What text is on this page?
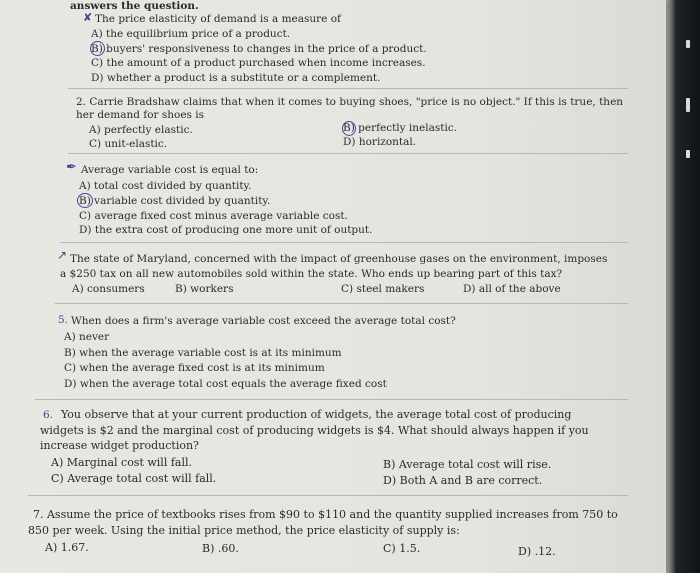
answers the question.
✘ The price elasticity of demand is a measure of
A) the equilibrium price of a product.
B) buyers' responsiveness to changes in the price of a product.
C) the amount of a product purchased when income increases.
D) whether a product is a substitute or a complement.
2. Carrie Bradshaw claims that when it comes to buying shoes, "price is no object." If this is true, then
her demand for shoes is
A) perfectly elastic.	B) perfectly inelastic.
C) unit-elastic.	D) horizontal.
✒ Average variable cost is equal to:
A) total cost divided by quantity.
B) variable cost divided by quantity.
C) average fixed cost minus average variable cost.
D) the extra cost of producing one more unit of output.
↗ The state of Maryland, concerned with the impact of greenhouse gases on the environment, imposes
a $250 tax on all new automobiles sold within the state. Who ends up bearing part of this tax?
A) consumers	B) workers	C) steel makers	D) all of the above
5. When does a firm's average variable cost exceed the average total cost?
A) never
B) when the average variable cost is at its minimum
C) when the average fixed cost is at its minimum
D) when the average total cost equals the average fixed cost
6. You observe that at your current production of widgets, the average total cost of producing
widgets is $2 and the marginal cost of producing widgets is $4. What should always happen if you
increase widget production?
A) Marginal cost will fall.	B) Average total cost will rise.
C) Average total cost will fall.	D) Both A and B are correct.
7. Assume the price of textbooks rises from $90 to $110 and the quantity supplied increases from 750 to
850 per week. Using the initial price method, the price elasticity of supply is:
A) 1.67.	B) .60.	C) 1.5.	D) .12.
